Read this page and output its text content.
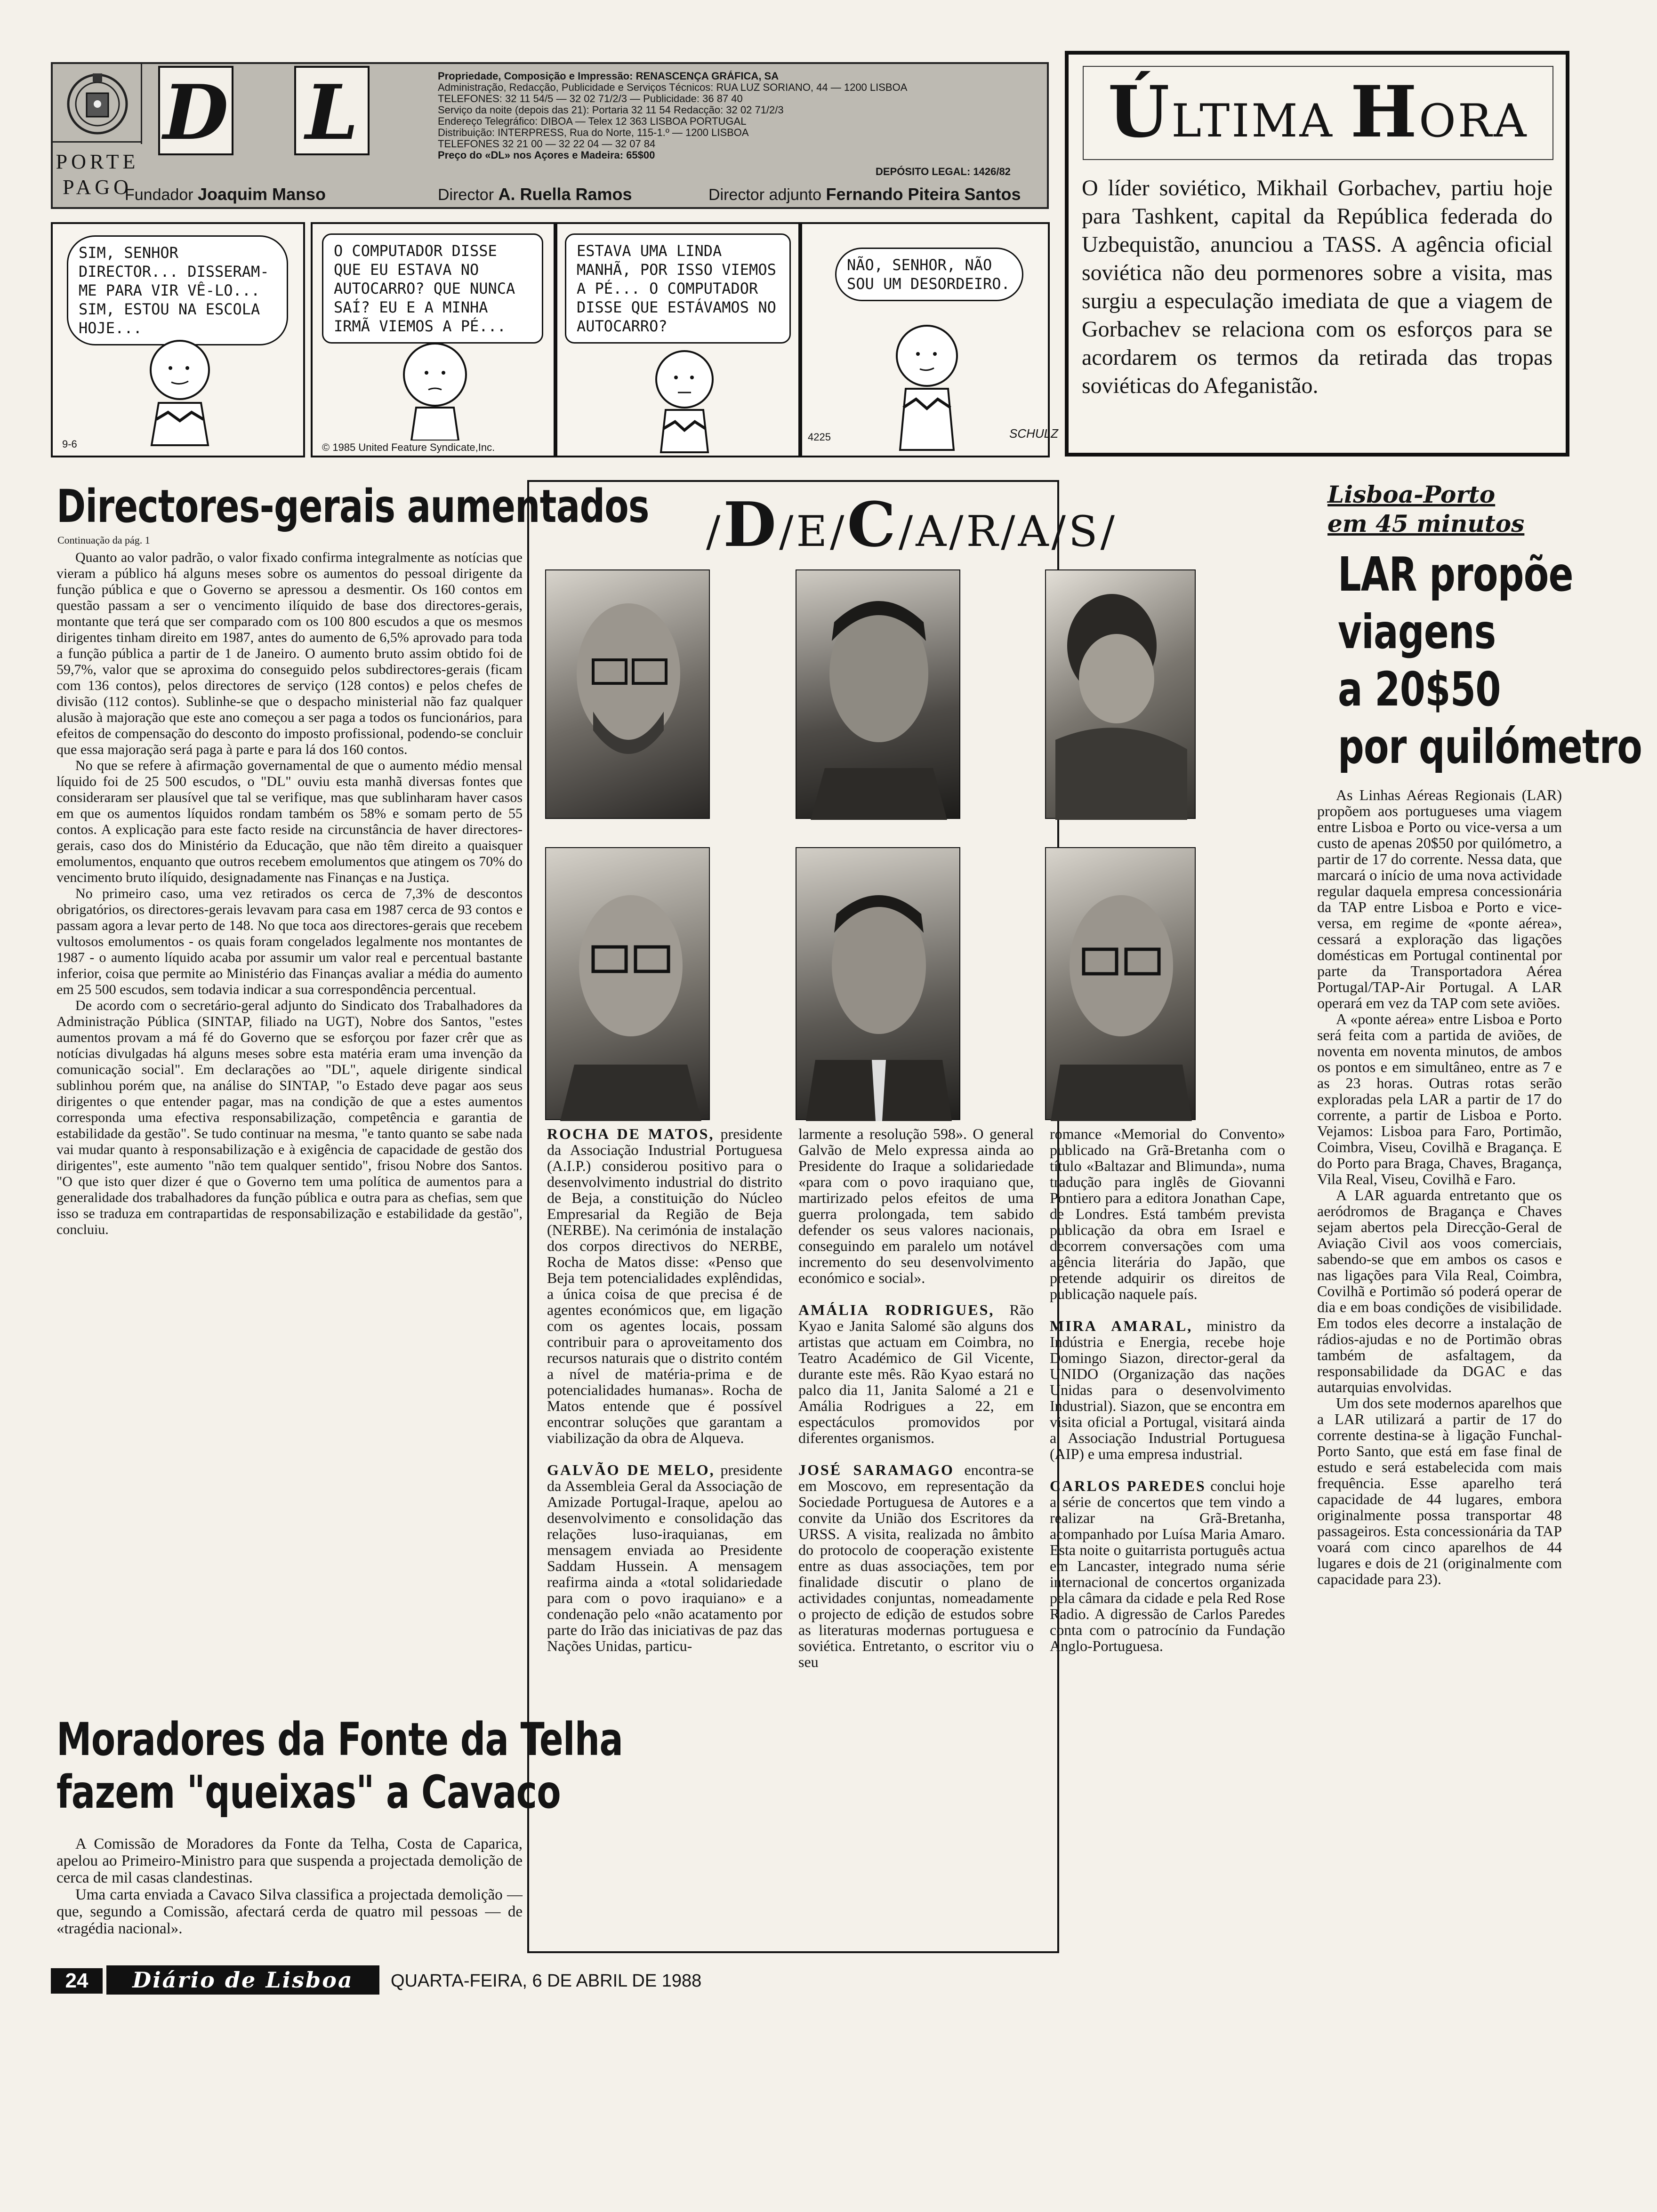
PORTE PAGO
D L	Propriedade, Composição e Impressão: RENASCENÇA GRÁFICA, SA
Administração, Redacção, Publicidade e Serviços Técnicos: RUA LUZ SORIANO, 44 — 1200 LISBOA
TELEFONES: 32 11 54/5 — 32 02 71/2/3 — Publicidade: 36 87 40
Serviço da noite (depois das 21): Portaria 32 11 54 Redacção: 32 02 71/2/3
Endereço Telegráfico: DIBOA — Telex 12 363 LISBOA PORTUGAL
Distribuição: INTERPRESS, Rua do Norte, 115-1.º — 1200 LISBOA
TELEFONES 32 21 00 — 32 22 04 — 32 07 84
Preço do «DL» nos Açores e Madeira: 65$00
DEPÓSITO LEGAL: 1426/82
Fundador Joaquim Manso	Director A. Ruella Ramos	Director adjunto Fernando Piteira Santos
ÚLTIMA HORA
O líder soviético, Mikhail Gorbachev, partiu hoje para Tashkent, capital da República federada do Uzbequistão, anunciou a TASS. A agência oficial soviética não deu pormenores sobre a visita, mas surgiu a especulação imediata de que a viagem de Gorbachev se relaciona com os esforços para se acordarem os termos da retirada das tropas soviéticas do Afeganistão.
SIM, SENHOR DIRECTOR... DISSERAM-ME PARA VIR VÊ-LO... SIM, ESTOU NA ESCOLA HOJE...
9-6
O COMPUTADOR DISSE QUE EU ESTAVA NO AUTOCARRO? QUE NUNCA SAÍ? EU E A MINHA IRMÃ VIEMOS A PÉ...
© 1985 United Feature Syndicate,Inc.
ESTAVA UMA LINDA MANHÃ, POR ISSO VIEMOS A PÉ... O COMPUTADOR DISSE QUE ESTÁVAMOS NO AUTOCARRO?
NÃO, SENHOR, NÃO SOU UM DESORDEIRO.
4225	SCHULZ
Directores-gerais aumentados
Continuação da pág. 1

Quanto ao valor padrão, o valor fixado confirma integralmente as notícias que vieram a público há alguns meses sobre os aumentos do pessoal dirigente da função pública e que o Governo se apressou a desmentir. Os 160 contos em questão passam a ser o vencimento ilíquido de base dos directores-gerais, montante que terá que ser comparado com os 100 800 escudos a que os mesmos dirigentes tinham direito em 1987, antes do aumento de 6,5% aprovado para toda a função pública a partir de 1 de Janeiro. O aumento bruto assim obtido foi de 59,7%, valor que se aproxima do conseguido pelos subdirectores-gerais (ficam com 136 contos), pelos directores de serviço (128 contos) e pelos chefes de divisão (112 contos). Sublinhe-se que o despacho ministerial não faz qualquer alusão à majoração que este ano começou a ser paga a todos os funcionários, para efeitos de compensação do desconto do imposto profissional, podendo-se concluir que essa majoração será paga à parte e para lá dos 160 contos.

No que se refere à afirmação governamental de que o aumento médio mensal líquido foi de 25 500 escudos, o "DL" ouviu esta manhã diversas fontes que consideraram ser plausível que tal se verifique, mas que sublinharam haver casos em que os aumentos líquidos rondam também os 58% e somam perto de 55 contos. A explicação para este facto reside na circunstância de haver directores-gerais, caso dos do Ministério da Educação, que não têm direito a quaisquer emolumentos, enquanto que outros recebem emolumentos que atingem os 70% do vencimento bruto ilíquido, designadamente nas Finanças e na Justiça.

No primeiro caso, uma vez retirados os cerca de 7,3% de descontos obrigatórios, os directores-gerais levavam para casa em 1987 cerca de 93 contos e passam agora a levar perto de 148. No que toca aos directores-gerais que recebem vultosos emolumentos - os quais foram congelados legalmente nos montantes de 1987 - o aumento líquido acaba por assumir um valor real e percentual bastante inferior, coisa que permite ao Ministério das Finanças avaliar a média do aumento em 25 500 escudos, sem todavia indicar a sua correspondência percentual.

De acordo com o secretário-geral adjunto do Sindicato dos Trabalhadores da Administração Pública (SINTAP, filiado na UGT), Nobre dos Santos, "estes aumentos provam a má fé do Governo que se esforçou por fazer crêr que as notícias divulgadas há alguns meses sobre esta matéria eram uma invenção da comunicação social". Em declarações ao "DL", aquele dirigente sindical sublinhou porém que, na análise do SINTAP, "o Estado deve pagar aos seus dirigentes o que entender pagar, mas na condição de que a estes aumentos corresponda uma efectiva responsabilização, competência e garantia de estabilidade da gestão". Se tudo continuar na mesma, "e tanto quanto se sabe nada vai mudar quanto à responsabilização e à exigência de capacidade de gestão dos dirigentes", este aumento "não tem qualquer sentido", frisou Nobre dos Santos. "O que isto quer dizer é que o Governo tem uma política de aumentos para a generalidade dos trabalhadores da função pública e outra para as chefias, sem que isso se traduza em contrapartidas de responsabilização e estabilidade da gestão", concluiu.

Moradores da Fonte da Telha
fazem "queixas" a Cavaco

A Comissão de Moradores da Fonte da Telha, Costa de Caparica, apelou ao Primeiro-Ministro para que suspenda a projectada demolição de cerca de mil casas clandestinas.

Uma carta enviada a Cavaco Silva classifica a projectada demolição — que, segundo a Comissão, afectará cerda de quatro mil pessoas — de «tragédia nacional».

/D/E/C/A/R/A/S/

ROCHA DE MATOS, presidente da Associação Industrial Portuguesa (A.I.P.) considerou positivo para o desenvolvimento industrial do distrito de Beja, a constituição do Núcleo Empresarial da Região de Beja (NERBE). Na cerimónia de instalação dos corpos directivos do NERBE, Rocha de Matos disse: «Penso que Beja tem potencialidades explêndidas, a única coisa de que precisa é de agentes económicos que, em ligação com os agentes locais, possam contribuir para o aproveitamento dos recursos naturais que o distrito contém a nível de matéria-prima e de potencialidades humanas». Rocha de Matos entende que é possível encontrar soluções que garantam a viabilização da obra de Alqueva.

GALVÃO DE MELO, presidente da Assembleia Geral da Associação de Amizade Portugal-Iraque, apelou ao desenvolvimento e consolidação das relações luso-iraquianas, em mensagem enviada ao Presidente Saddam Hussein. A mensagem reafirma ainda a «total solidariedade para com o povo iraquiano» e a condenação pelo «não acatamento por parte do Irão das iniciativas de paz das Nações Unidas, particu-

larmente a resolução 598». O general Galvão de Melo expressa ainda ao Presidente do Iraque a solidariedade «para com o povo iraquiano que, martirizado pelos efeitos de uma guerra prolongada, tem sabido defender os seus valores nacionais, conseguindo em paralelo um notável incremento do seu desenvolvimento económico e social».

AMÁLIA RODRIGUES, Rão Kyao e Janita Salomé são alguns dos artistas que actuam em Coimbra, no Teatro Académico de Gil Vicente, durante este mês. Rão Kyao estará no palco dia 11, Janita Salomé a 21 e Amália Rodrigues a 22, em espectáculos promovidos por diferentes organismos.

JOSÉ SARAMAGO encontra-se em Moscovo, em representação da Sociedade Portuguesa de Autores e a convite da União dos Escritores da URSS. A visita, realizada no âmbito do protocolo de cooperação existente entre as duas associações, tem por finalidade discutir o plano de actividades conjuntas, nomeadamente o projecto de edição de estudos sobre as literaturas modernas portuguesa e soviética. Entretanto, o escritor viu o seu

romance «Memorial do Convento» publicado na Grã-Bretanha com o título «Baltazar and Blimunda», numa tradução para inglês de Giovanni Pontiero para a editora Jonathan Cape, de Londres. Está também prevista publicação da obra em Israel e decorrem conversações com uma agência literária do Japão, que pretende adquirir os direitos de publicação naquele país.

MIRA AMARAL, ministro da Indústria e Energia, recebe hoje Domingo Siazon, director-geral da UNIDO (Organização das nações Unidas para o desenvolvimento Industrial). Siazon, que se encontra em visita oficial a Portugal, visitará ainda a Associação Industrial Portuguesa (AIP) e uma empresa industrial.

CARLOS PAREDES conclui hoje a série de concertos que tem vindo a realizar na Grã-Bretanha, acompanhado por Luísa Maria Amaro. Esta noite o guitarrista português actua em Lancaster, integrado numa série internacional de concertos organizada pela câmara da cidade e pela Red Rose Radio. A digressão de Carlos Paredes conta com o patrocínio da Fundação Anglo-Portuguesa.

Lisboa-Porto
em 45 minutos
LAR propõe
viagens
a 20$50
por quilómetro

As Linhas Aéreas Regionais (LAR) propõem aos portugueses uma viagem entre Lisboa e Porto ou vice-versa a um custo de apenas 20$50 por quilómetro, a partir de 17 do corrente. Nessa data, que marcará o início de uma nova actividade regular daquela empresa concessionária da TAP entre Lisboa e Porto e vice-versa, em regime de «ponte aérea», cessará a exploração das ligações domésticas em Portugal continental por parte da Transportadora Aérea Portugal/TAP-Air Portugal. A LAR operará em vez da TAP com sete aviões.

A «ponte aérea» entre Lisboa e Porto será feita com a partida de aviões, de noventa em noventa minutos, de ambos os pontos e em simultâneo, entre as 7 e as 23 horas. Outras rotas serão exploradas pela LAR a partir de 17 do corrente, a partir de Lisboa e Porto. Vejamos: Lisboa para Faro, Portimão, Coimbra, Viseu, Covilhã e Bragança. E do Porto para Braga, Chaves, Bragança, Vila Real, Viseu, Covilhã e Faro.

A LAR aguarda entretanto que os aeródromos de Bragança e Chaves sejam abertos pela Direcção-Geral de Aviação Civil aos voos comerciais, sabendo-se que em ambos os casos e nas ligações para Vila Real, Coimbra, Covilhã e Portimão só poderá operar de dia e em boas condições de visibilidade. Em todos eles decorre a instalação de rádios-ajudas e no de Portimão obras também de asfaltagem, da responsabilidade da DGAC e das autarquias envolvidas.

Um dos sete modernos aparelhos que a LAR utilizará a partir de 17 do corrente destina-se à ligação Funchal-Porto Santo, que está em fase final de estudo e será estabelecida com mais frequência. Esse aparelho terá capacidade de 44 lugares, embora originalmente possa transportar 48 passageiros. Esta concessionária da TAP voará com cinco aparelhos de 44 lugares e dois de 21 (originalmente com capacidade para 23).

24	Diário de Lisboa	QUARTA-FEIRA, 6 DE ABRIL DE 1988
